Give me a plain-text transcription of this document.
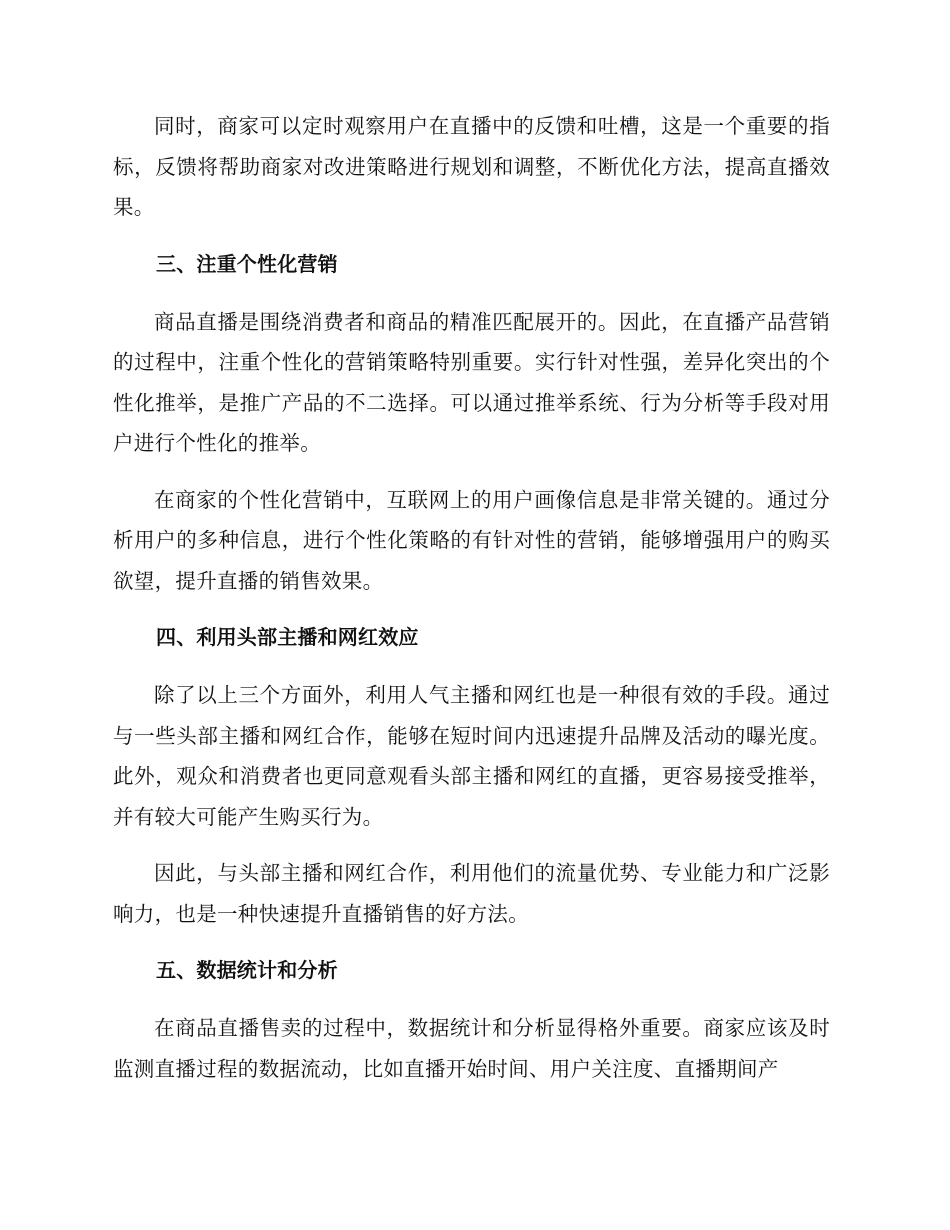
同时，商家可以定时观察用户在直播中的反馈和吐槽，这是一个重要的指标，反馈将帮助商家对改进策略进行规划和调整，不断优化方法，提高直播效果。

三、注重个性化营销

商品直播是围绕消费者和商品的精准匹配展开的。因此，在直播产品营销的过程中，注重个性化的营销策略特别重要。实行针对性强，差异化突出的个性化推举，是推广产品的不二选择。可以通过推举系统、行为分析等手段对用户进行个性化的推举。

在商家的个性化营销中，互联网上的用户画像信息是非常关键的。通过分析用户的多种信息，进行个性化策略的有针对性的营销，能够增强用户的购买欲望，提升直播的销售效果。

四、利用头部主播和网红效应

除了以上三个方面外，利用人气主播和网红也是一种很有效的手段。通过与一些头部主播和网红合作，能够在短时间内迅速提升品牌及活动的曝光度。此外，观众和消费者也更同意观看头部主播和网红的直播，更容易接受推举，并有较大可能产生购买行为。

因此，与头部主播和网红合作，利用他们的流量优势、专业能力和广泛影响力，也是一种快速提升直播销售的好方法。

五、数据统计和分析

在商品直播售卖的过程中，数据统计和分析显得格外重要。商家应该及时监测直播过程的数据流动，比如直播开始时间、用户关注度、直播期间产
